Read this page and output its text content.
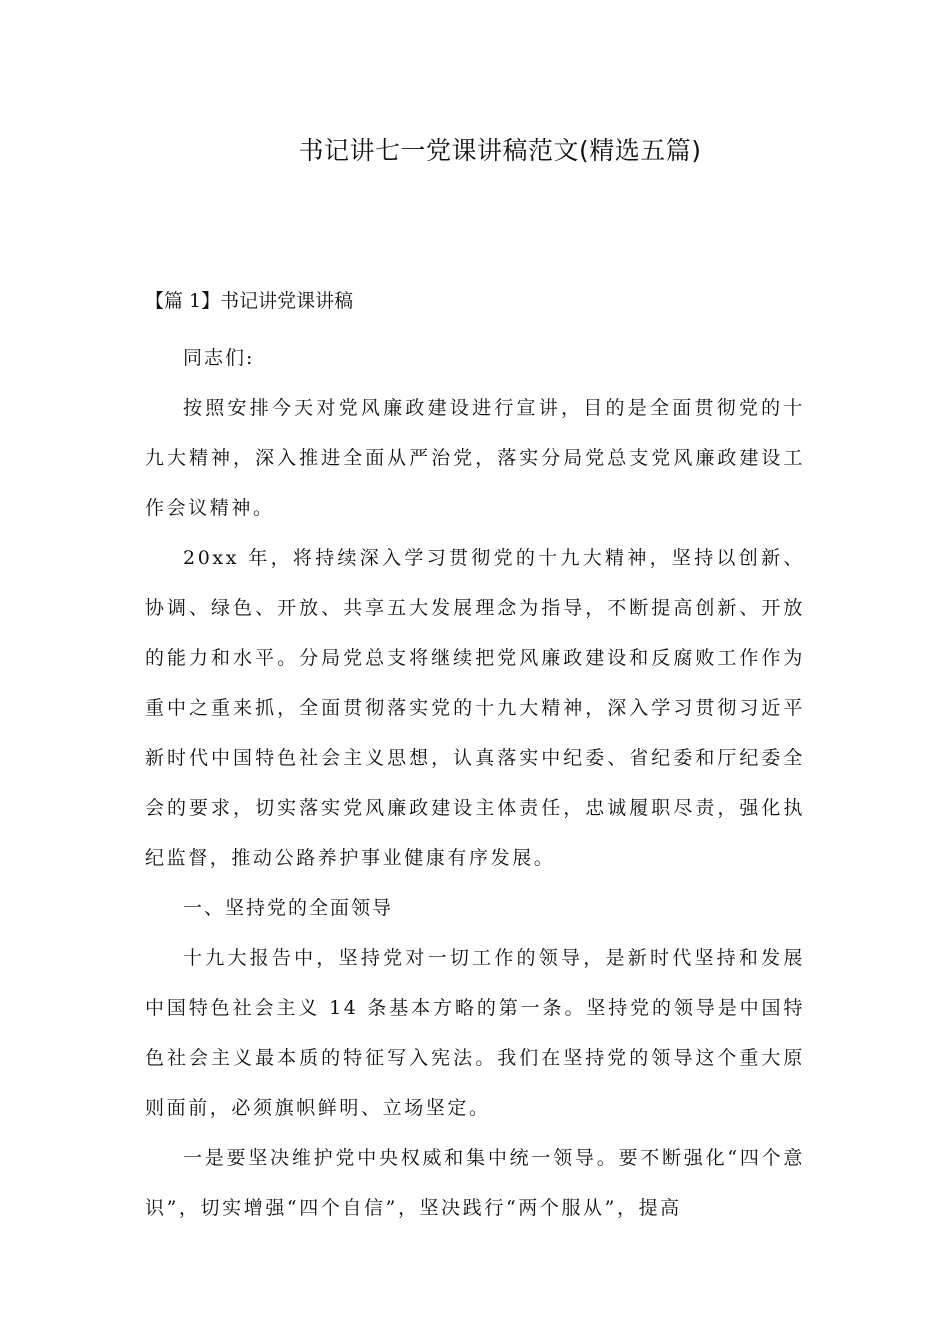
书记讲七一党课讲稿范文(精选五篇)
【篇 1】书记讲党课讲稿

同志们:

按照安排今天对党风廉政建设进行宣讲，目的是全面贯彻党的十九大精神，深入推进全面从严治党，落实分局党总支党风廉政建设工作会议精神。

20xx 年，将持续深入学习贯彻党的十九大精神，坚持以创新、协调、绿色、开放、共享五大发展理念为指导，不断提高创新、开放的能力和水平。分局党总支将继续把党风廉政建设和反腐败工作作为重中之重来抓，全面贯彻落实党的十九大精神，深入学习贯彻习近平新时代中国特色社会主义思想，认真落实中纪委、省纪委和厅纪委全会的要求，切实落实党风廉政建设主体责任，忠诚履职尽责，强化执纪监督，推动公路养护事业健康有序发展。

一、坚持党的全面领导

十九大报告中，坚持党对一切工作的领导，是新时代坚持和发展中国特色社会主义 14 条基本方略的第一条。坚持党的领导是中国特色社会主义最本质的特征写入宪法。我们在坚持党的领导这个重大原则面前，必须旗帜鲜明、立场坚定。

一是要坚决维护党中央权威和集中统一领导。要不断强化“四个意识”，切实增强“四个自信”，坚决践行“两个服从”，提高
